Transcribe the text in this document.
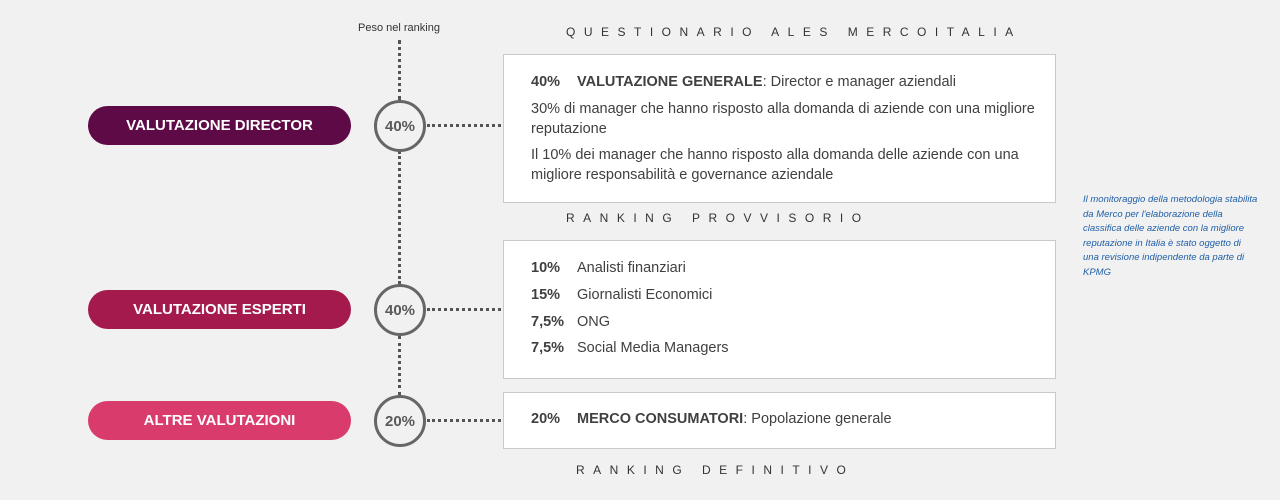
Peso nel ranking	QUESTIONARIO ALES MERCOITALIA
RANKING PROVVISORIO
RANKING DEFINITIVO
VALUTAZIONE DIRECTOR	40%
40% VALUTAZIONE GENERALE: Director e manager aziendali
30% di manager che hanno risposto alla domanda di aziende con una migliore reputazione
Il 10% dei manager che hanno risposto alla domanda delle aziende con una migliore responsabilità e governance aziendale
VALUTAZIONE ESPERTI	40%
10% Analisti finanziari
15% Giornalisti Economici
7,5% ONG
7,5% Social Media Managers
ALTRE VALUTAZIONI	20%	20% MERCO CONSUMATORI: Popolazione generale
Il monitoraggio della metodologia stabilita da Merco per l'elaborazione della classifica delle aziende con la migliore reputazione in Italia è stato oggetto di una revisione indipendente da parte di KPMG
